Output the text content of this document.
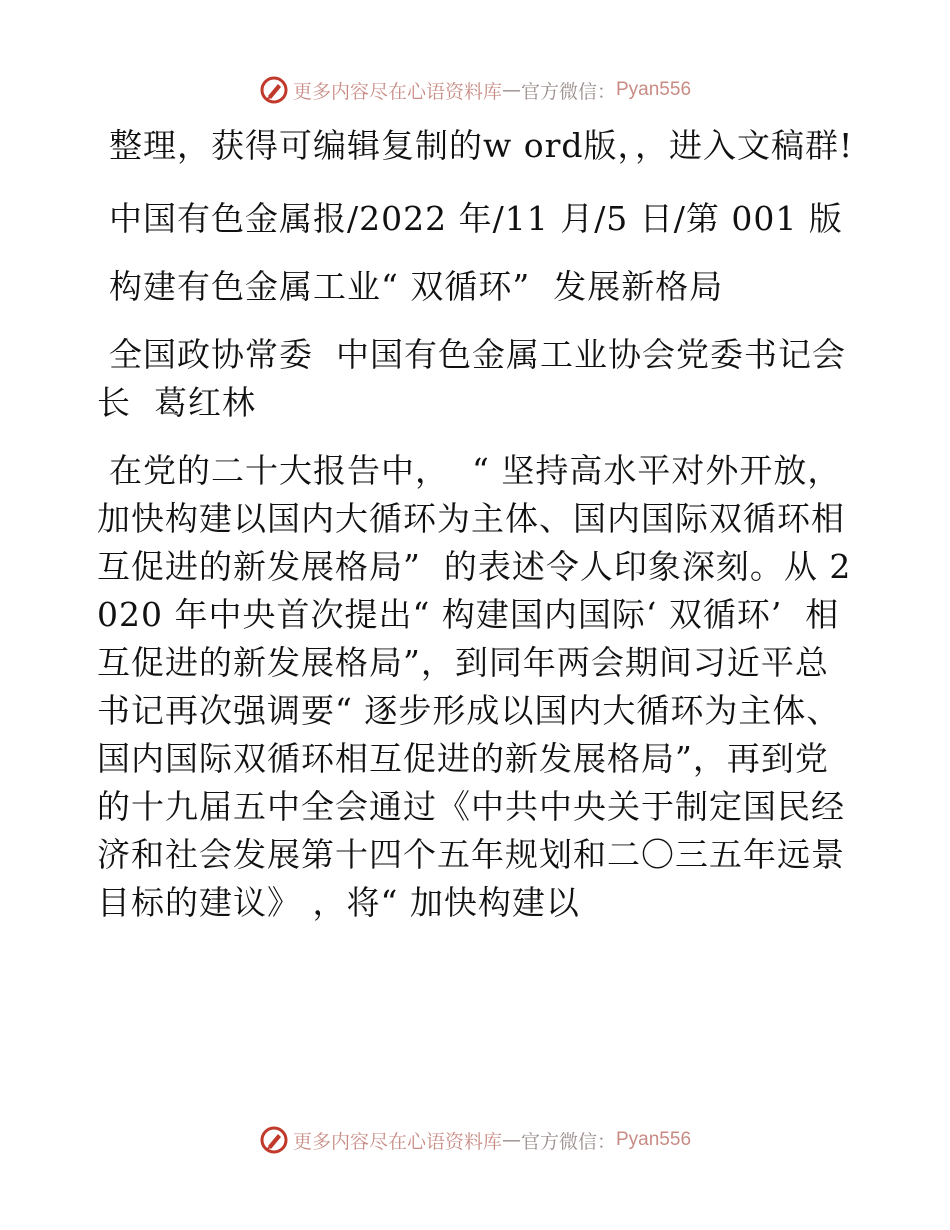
更多内容尽在心语资料库 — 官方微信： Pyan556

整理，获得可编辑复制的w ord版，，进入文稿群!

中国有色金属报/2022 年/11 月/5 日/第 001 版

构建有色金属工业“ 双循环”  发展新格局

全国政协常委  中国有色金属工业协会党委书记会长  葛红林

在党的二十大报告中，  “ 坚持高水平对外开放，加快构建以国内大循环为主体、国内国际双循环相互促进的新发展格局”  的表述令人印象深刻。从 2020 年中央首次提出“ 构建国内国际‘ 双循环’  相互促进的新发展格局”，到同年两会期间习近平总书记再次强调要“ 逐步形成以国内大循环为主体、国内国际双循环相互促进的新发展格局”，再到党的十九届五中全会通过《中共中央关于制定国民经济和社会发展第十四个五年规划和二〇三五年远景目标的建议》 ，将“ 加快构建以

更多内容尽在心语资料库 — 官方微信： Pyan556
